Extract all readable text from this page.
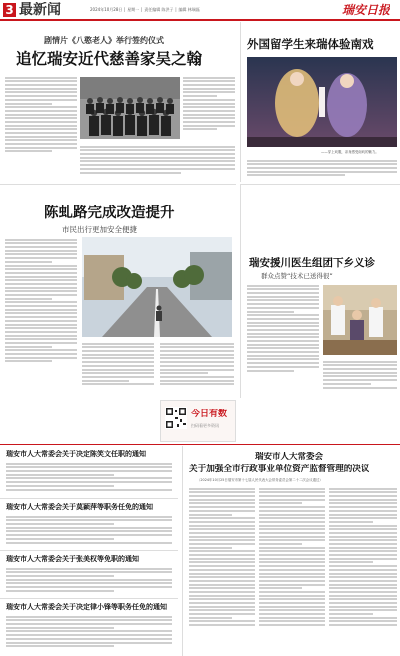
3 最新闻	2024年10月28日 │ 星期一 │ 责任编辑 陈洪子 │ 编辑 林瑞磊	瑞安日报
剧情片《八憨老人》举行签约仪式
追忆瑞安近代慈善家吴之翰
外国留学生来瑞体验南戏
——穿上戏服，亲身感受南戏的魅力。
陈虬路完成改造提升
市民出行更加安全便捷
瑞安援川医生组团下乡义诊
群众点赞“技术已送得很”
今日有数
扫码看更多资讯
瑞安市人大常委会关于决定陈笑文任职的通知
瑞安市人大常委会关于莫颖萍等职务任免的通知
瑞安市人大常委会关于张美权等免职的通知
瑞安市人大常委会关于决定律小锋等职务任免的通知
瑞安市人大常委会
关于加强全市行政事业单位资产监督管理的决议
（2024年10月25日瑞安市第十七届人民代表大会常务委员会第二十二次会议通过）
